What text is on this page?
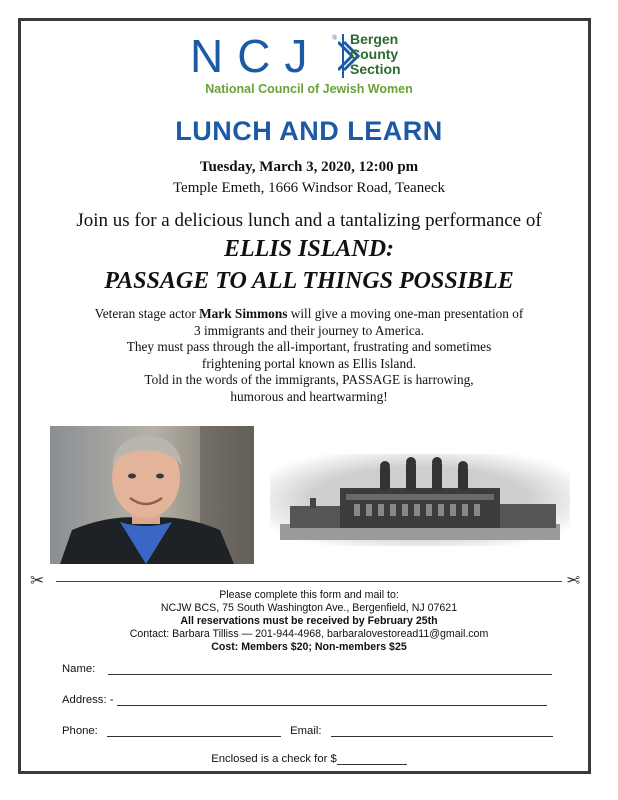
NCJ ® Bergen
County
Section
National Council of Jewish Women
LUNCH AND LEARN
Tuesday, March 3, 2020, 12:00 pm
Temple Emeth, 1666 Windsor Road, Teaneck
Join us for a delicious lunch and a tantalizing performance of
ELLIS ISLAND:
PASSAGE TO ALL THINGS POSSIBLE

Veteran stage actor Mark Simmons will give a moving one-man presentation of

3 immigrants and their journey to America.

They must pass through the all-important, frustrating and sometimes

frightening portal known as Ellis Island.

Told in the words of the immigrants, PASSAGE is harrowing,

humorous and heartwarming!

✂	✂
Please complete this form and mail to:
NCJW BCS, 75 South Washington Ave., Bergenfield, NJ 07621
All reservations must be received by February 25th
Contact: Barbara Tilliss — 201-944-4968, barbaralovestoread11@gmail.com
Cost: Members $20; Non-members $25
Name:
Address: -
Phone:	Email:
Enclosed is a check for $
